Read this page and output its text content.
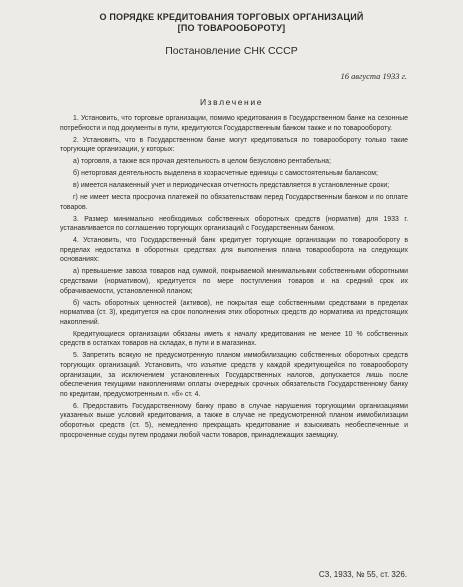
О ПОРЯДКЕ КРЕДИТОВАНИЯ ТОРГОВЫХ ОРГАНИЗАЦИЙ
[ПО ТОВАРООБОРОТУ]
Постановление СНК СССР
16 августа 1933 г.
Извлечение

1. Установить, что торговые организации, помимо кредитования в Государственном банке на сезонные потребности и под документы в пути, кредитуются Государственным банком также и по товарообороту.

2. Установить, что в Государственном банке могут кредитоваться по товарообороту только такие торгующие организации, у которых:

а) торговля, а также вся прочая деятельность в целом безусловно рентабельна;

б) неторговая деятельность выделена в хозрасчетные единицы с самостоятельным балансом;

в) имеется налаженный учет и периодическая отчетность представляется в установленные сроки;

г) не имеет места просрочка платежей по обязательствам перед Государственным банком и по оплате товаров.

3. Размер минимально необходимых собственных оборотных средств (норматив) для 1933 г. устанавливается по соглашению торгующих организаций с Государственным банком.

4. Установить, что Государственный банк кредитует торгующие организации по товарообороту в пределах недостатка в оборотных средствах для выполнения плана товарооборота на следующих основаниях:

а) превышение завоза товаров над суммой, покрываемой минимальными собственными оборотными средствами (нормативом), кредитуется по мере поступления товаров и на средний срок их обрачиваемости, установленной планом;

б) часть оборотных ценностей (активов), не покрытая еще собственными средствами в пределах норматива (ст. 3), кредитуется на срок пополнения этих оборотных средств до норматива из предстоящих накоплений.

Кредитующиеся организации обязаны иметь к началу кредитования не менее 10 % собственных средств в остатках товаров на складах, в пути и в магазинах.

5. Запретить всякую не предусмотренную планом иммобилизацию собственных оборотных средств торгующих организаций. Установить, что изъятие средств у каждой кредитующейся по товарообороту организации, за исключением установленных Государственных налогов, допускается лишь после обеспечения текущими накоплениями оплаты очередных срочных обязательств Государственному банку по кредитам, предусмотренным п. «б» ст. 4.

6. Предоставить Государственному банку право в случае нарушения торгующими организациями указанных выше условий кредитования, а также в случае не предусмотренной планом иммобилизации оборотных средств (ст. 5), немедленно прекращать кредитование и взыскивать необеспеченные и просроченные ссуды путем продажи любой части товаров, принадлежащих заемщику.

СЗ, 1933, № 55, ст. 326.
